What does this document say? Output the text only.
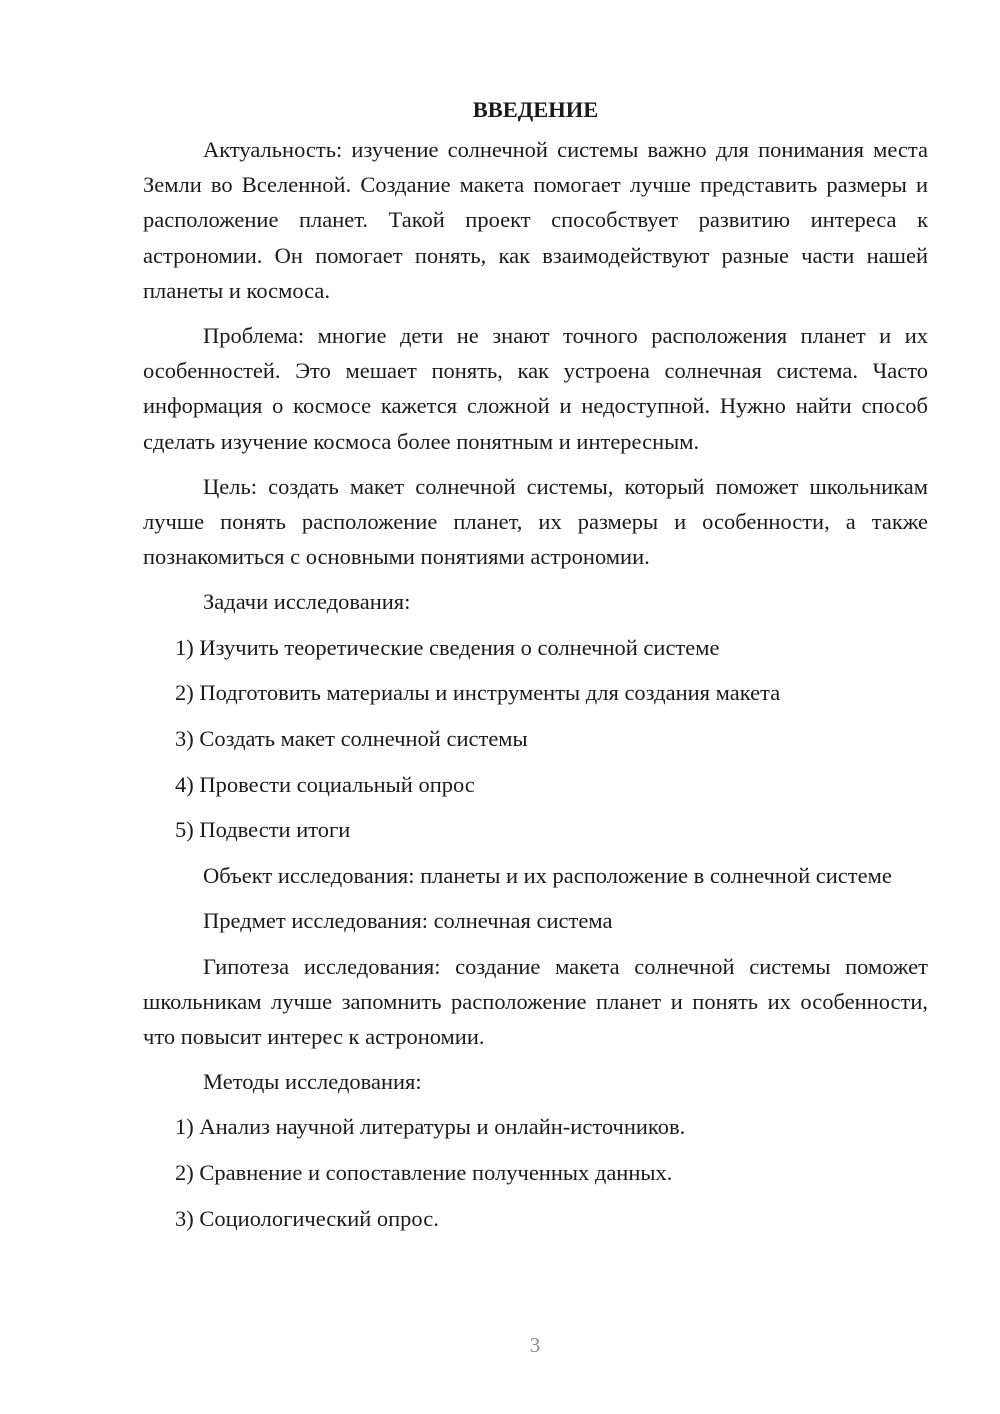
ВВЕДЕНИЕ

Актуальность: изучение солнечной системы важно для понимания места Земли во Вселенной. Создание макета помогает лучше представить размеры и расположение планет. Такой проект способствует развитию интереса к астрономии. Он помогает понять, как взаимодействуют разные части нашей планеты и космоса.

Проблема: многие дети не знают точного расположения планет и их особенностей. Это мешает понять, как устроена солнечная система. Часто информация о космосе кажется сложной и недоступной. Нужно найти способ сделать изучение космоса более понятным и интересным.

Цель: создать макет солнечной системы, который поможет школьникам лучше понять расположение планет, их размеры и особенности, а также познакомиться с основными понятиями астрономии.

Задачи исследования:

1) Изучить теоретические сведения о солнечной системе

2) Подготовить материалы и инструменты для создания макета

3) Создать макет солнечной системы

4) Провести социальный опрос

5) Подвести итоги

Объект исследования: планеты и их расположение в солнечной системе

Предмет исследования: солнечная система

Гипотеза исследования: создание макета солнечной системы поможет школьникам лучше запомнить расположение планет и понять их особенности, что повысит интерес к астрономии.

Методы исследования:

1) Анализ научной литературы и онлайн-источников.

2) Сравнение и сопоставление полученных данных.

3) Социологический опрос.

3
